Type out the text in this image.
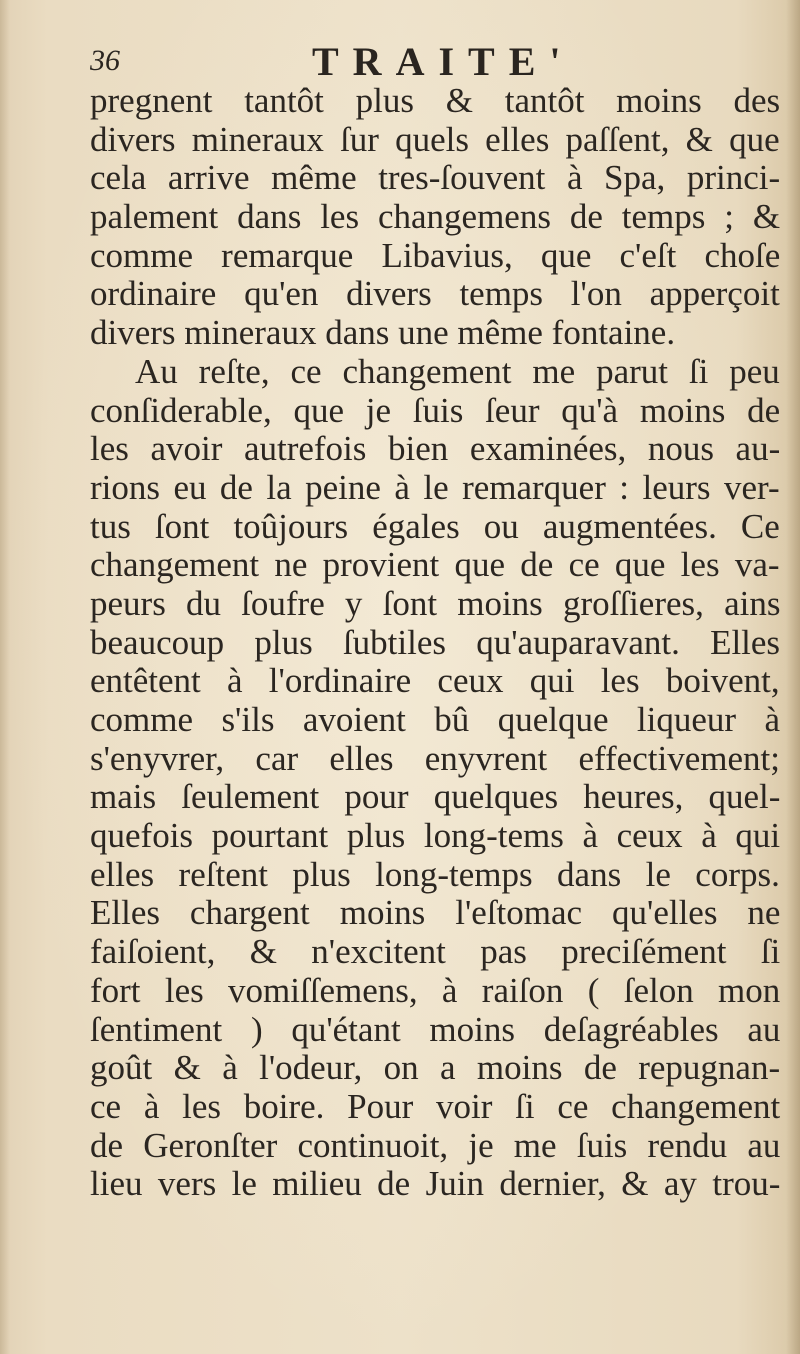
36	TRAITE'
pregnent tantôt plus & tantôt moins des
divers mineraux ſur quels elles paſſent, & que
cela arrive même tres-ſouvent à Spa, princi-
palement dans les changemens de temps ; &
comme remarque Libavius, que c'eſt choſe
ordinaire qu'en divers temps l'on apperçoit
divers mineraux dans une même fontaine.
Au reſte, ce changement me parut ſi peu
conſiderable, que je ſuis ſeur qu'à moins de
les avoir autrefois bien examinées, nous au-
rions eu de la peine à le remarquer : leurs ver-
tus ſont toûjours égales ou augmentées. Ce
changement ne provient que de ce que les va-
peurs du ſoufre y ſont moins groſſieres, ains
beaucoup plus ſubtiles qu'auparavant. Elles
entêtent à l'ordinaire ceux qui les boivent,
comme s'ils avoient bû quelque liqueur à
s'enyvrer, car elles enyvrent effectivement;
mais ſeulement pour quelques heures, quel-
quefois pourtant plus long-tems à ceux à qui
elles reſtent plus long-temps dans le corps.
Elles chargent moins l'eſtomac qu'elles ne
faiſoient, & n'excitent pas preciſément ſi
fort les vomiſſemens, à raiſon ( ſelon mon
ſentiment ) qu'étant moins deſagréables au
goût & à l'odeur, on a moins de repugnan-
ce à les boire. Pour voir ſi ce changement
de Geronſter continuoit, je me ſuis rendu au
lieu vers le milieu de Juin dernier, & ay trou-
